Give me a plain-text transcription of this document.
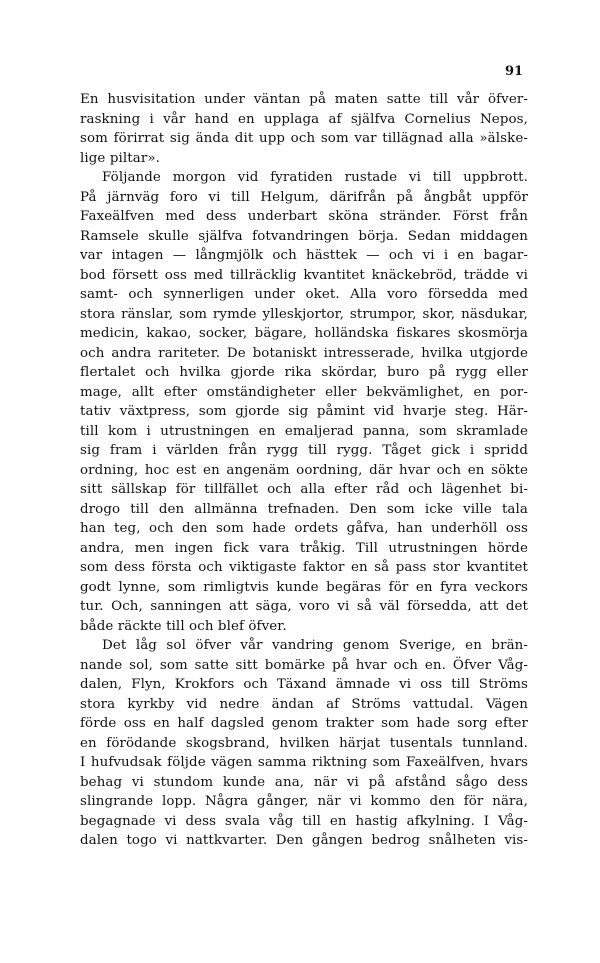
91
En husvisitation under väntan på maten satte till vår öfver-
raskning i vår hand en upplaga af själfva Cornelius Nepos,
som förirrat sig ända dit upp och som var tillägnad alla »älske-
lige piltar».
Följande morgon vid fyratiden rustade vi till uppbrott.
På järnväg foro vi till Helgum, därifrån på ångbåt uppför
Faxeälfven med dess underbart sköna stränder. Först från
Ramsele skulle själfva fotvandringen börja. Sedan middagen
var intagen — långmjölk och hästtek — och vi i en bagar-
bod försett oss med tillräcklig kvantitet knäckebröd, trädde vi
samt- och synnerligen under oket. Alla voro försedda med
stora ränslar, som rymde ylleskjortor, strumpor, skor, näsdukar,
medicin, kakao, socker, bägare, holländska fiskares skosmörja
och andra rariteter. De botaniskt intresserade, hvilka utgjorde
flertalet och hvilka gjorde rika skördar, buro på rygg eller
mage, allt efter omständigheter eller bekvämlighet, en por-
tativ växtpress, som gjorde sig påmint vid hvarje steg. Här-
till kom i utrustningen en emaljerad panna, som skramlade
sig fram i världen från rygg till rygg. Tåget gick i spridd
ordning, hoc est en angenäm oordning, där hvar och en sökte
sitt sällskap för tillfället och alla efter råd och lägenhet bi-
drogo till den allmänna trefnaden. Den som icke ville tala
han teg, och den som hade ordets gåfva, han underhöll oss
andra, men ingen fick vara tråkig. Till utrustningen hörde
som dess första och viktigaste faktor en så pass stor kvantitet
godt lynne, som rimligtvis kunde begäras för en fyra veckors
tur. Och, sanningen att säga, voro vi så väl försedda, att det
både räckte till och blef öfver.
Det låg sol öfver vår vandring genom Sverige, en brän-
nande sol, som satte sitt bomärke på hvar och en. Öfver Våg-
dalen, Flyn, Krokfors och Täxand ämnade vi oss till Ströms
stora kyrkby vid nedre ändan af Ströms vattudal. Vägen
förde oss en half dagsled genom trakter som hade sorg efter
en förödande skogsbrand, hvilken härjat tusentals tunnland.
I hufvudsak följde vägen samma riktning som Faxeälfven, hvars
behag vi stundom kunde ana, när vi på afstånd sågo dess
slingrande lopp. Några gånger, när vi kommo den för nära,
begagnade vi dess svala våg till en hastig afkylning. I Våg-
dalen togo vi nattkvarter. Den gången bedrog snålheten vis-
